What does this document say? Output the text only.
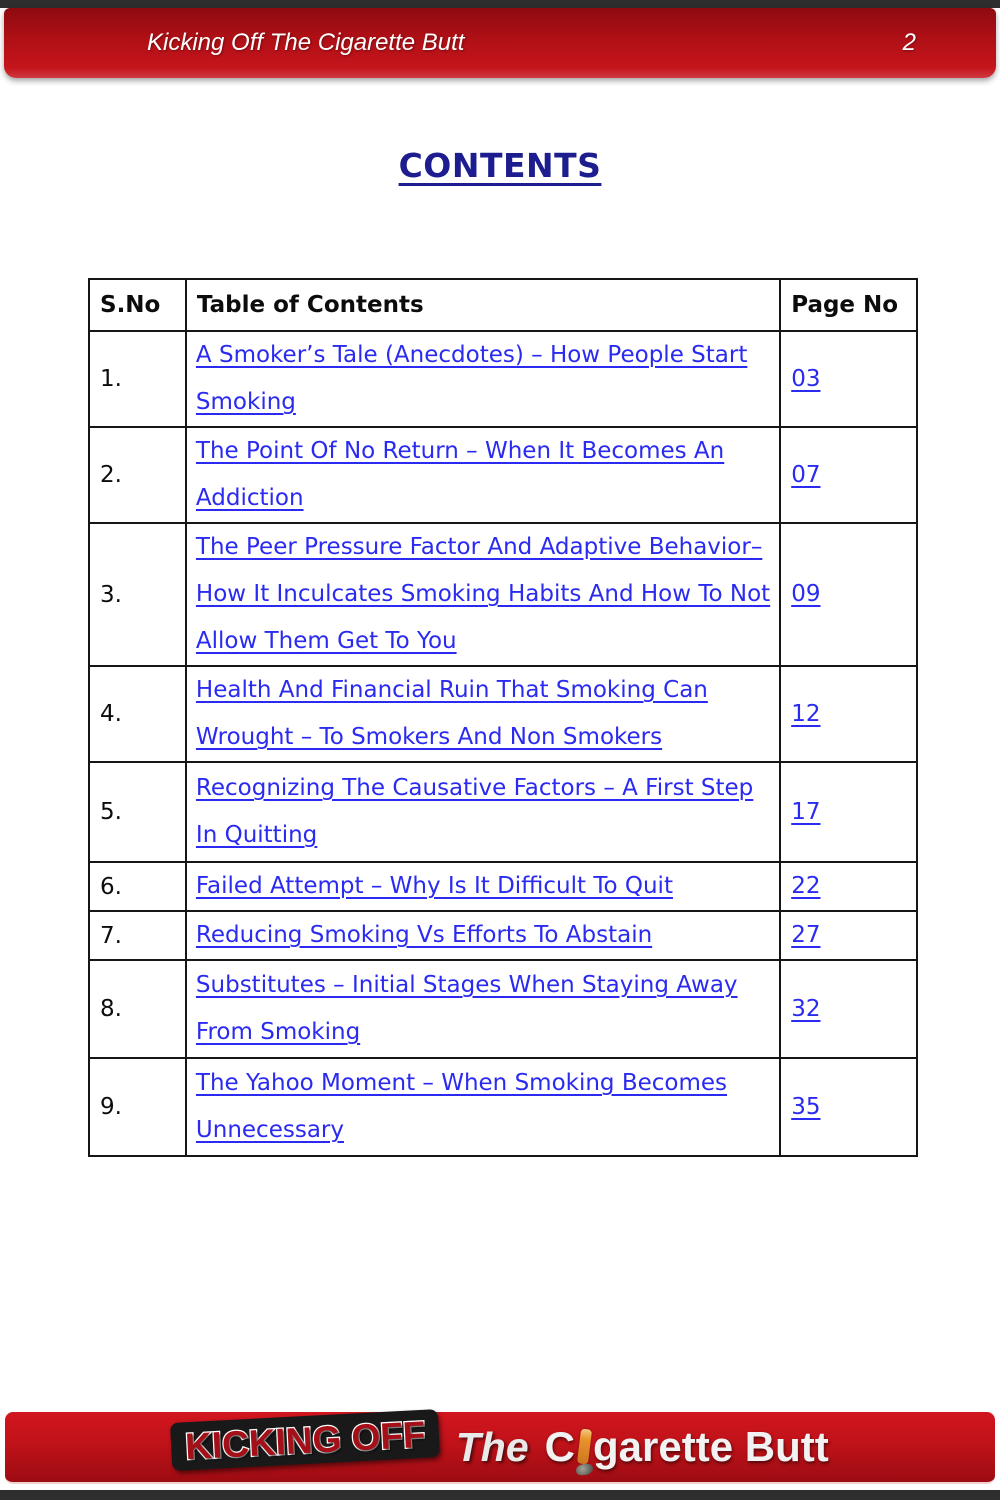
Kicking Off The Cigarette Butt	2
CONTENTS
S.No	Table of Contents	Page No
1.	A Smoker’s Tale (Anecdotes) – How People Start Smoking	03
2.	The Point Of No Return – When It Becomes An Addiction	07
3.	The Peer Pressure Factor And Adaptive Behavior– How It Inculcates Smoking Habits And How To Not Allow Them Get To You	09
4.	Health And Financial Ruin That Smoking Can Wrought – To Smokers And Non Smokers	12
5.	Recognizing The Causative Factors – A First Step In Quitting	17
6.	Failed Attempt – Why Is It Difficult To Quit	22
7.	Reducing Smoking Vs Efforts To Abstain	27
8.	Substitutes – Initial Stages When Staying Away From Smoking	32
9.	The Yahoo Moment – When Smoking Becomes Unnecessary	35
KICKING OFF The C garette Butt
